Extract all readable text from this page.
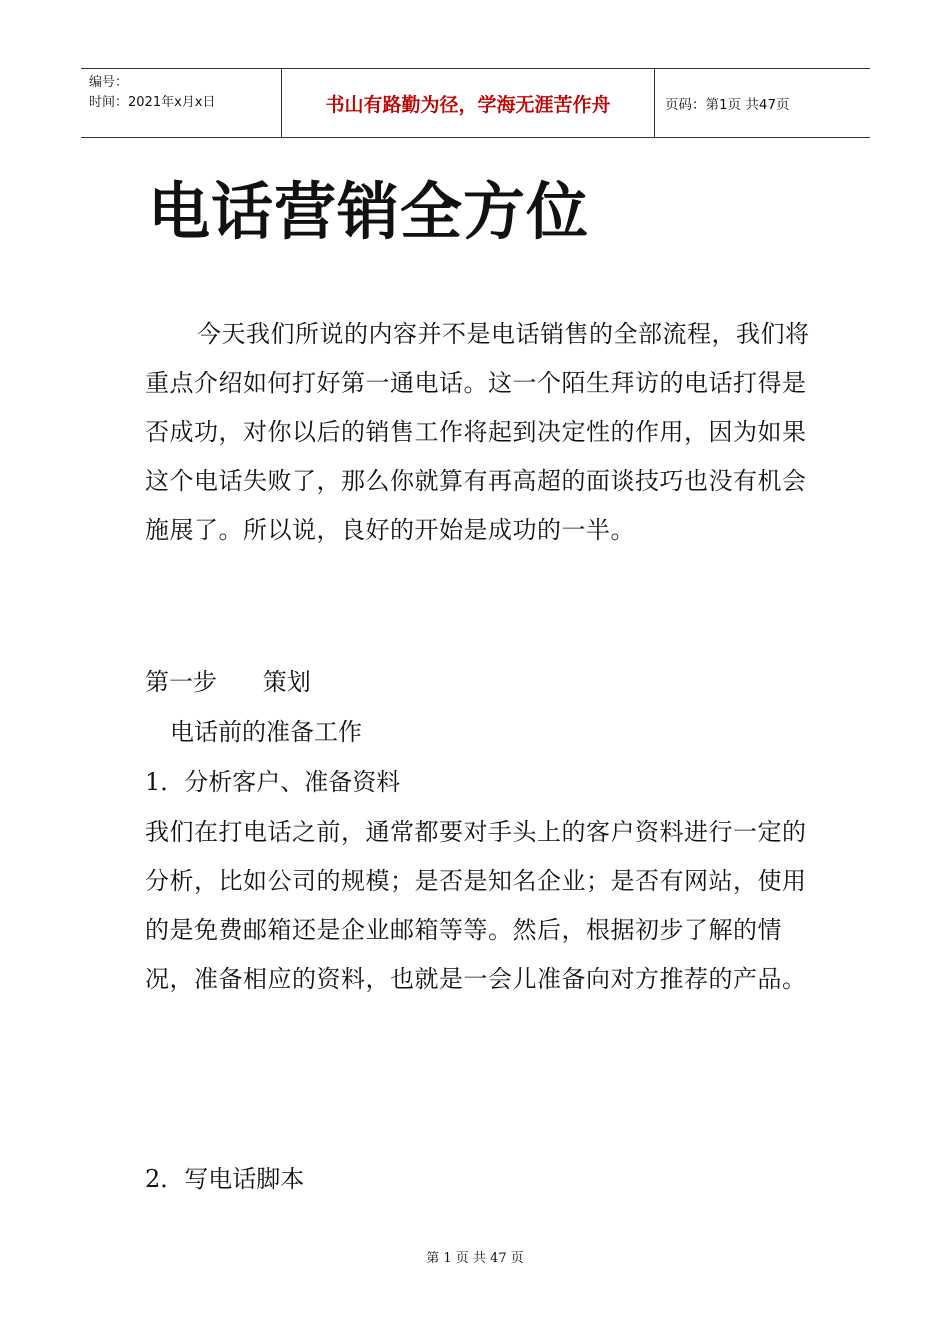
编号：
时间：2021年x月x日	书山有路勤为径，学海无涯苦作舟	页码：第1页 共47页
电话营销全方位
今天我们所说的内容并不是电话销售的全部流程，我们将重点介绍如何打好第一通电话。这一个陌生拜访的电话打得是否成功，对你以后的销售工作将起到决定性的作用，因为如果这个电话失败了，那么你就算有再高超的面谈技巧也没有机会施展了。所以说，良好的开始是成功的一半。
第一步      策划
电话前的准备工作
1．分析客户、准备资料
我们在打电话之前，通常都要对手头上的客户资料进行一定的分析，比如公司的规模；是否是知名企业；是否有网站，使用的是免费邮箱还是企业邮箱等等。然后，根据初步了解的情况，准备相应的资料，也就是一会儿准备向对方推荐的产品。
2．写电话脚本
第 1 页 共 47 页
